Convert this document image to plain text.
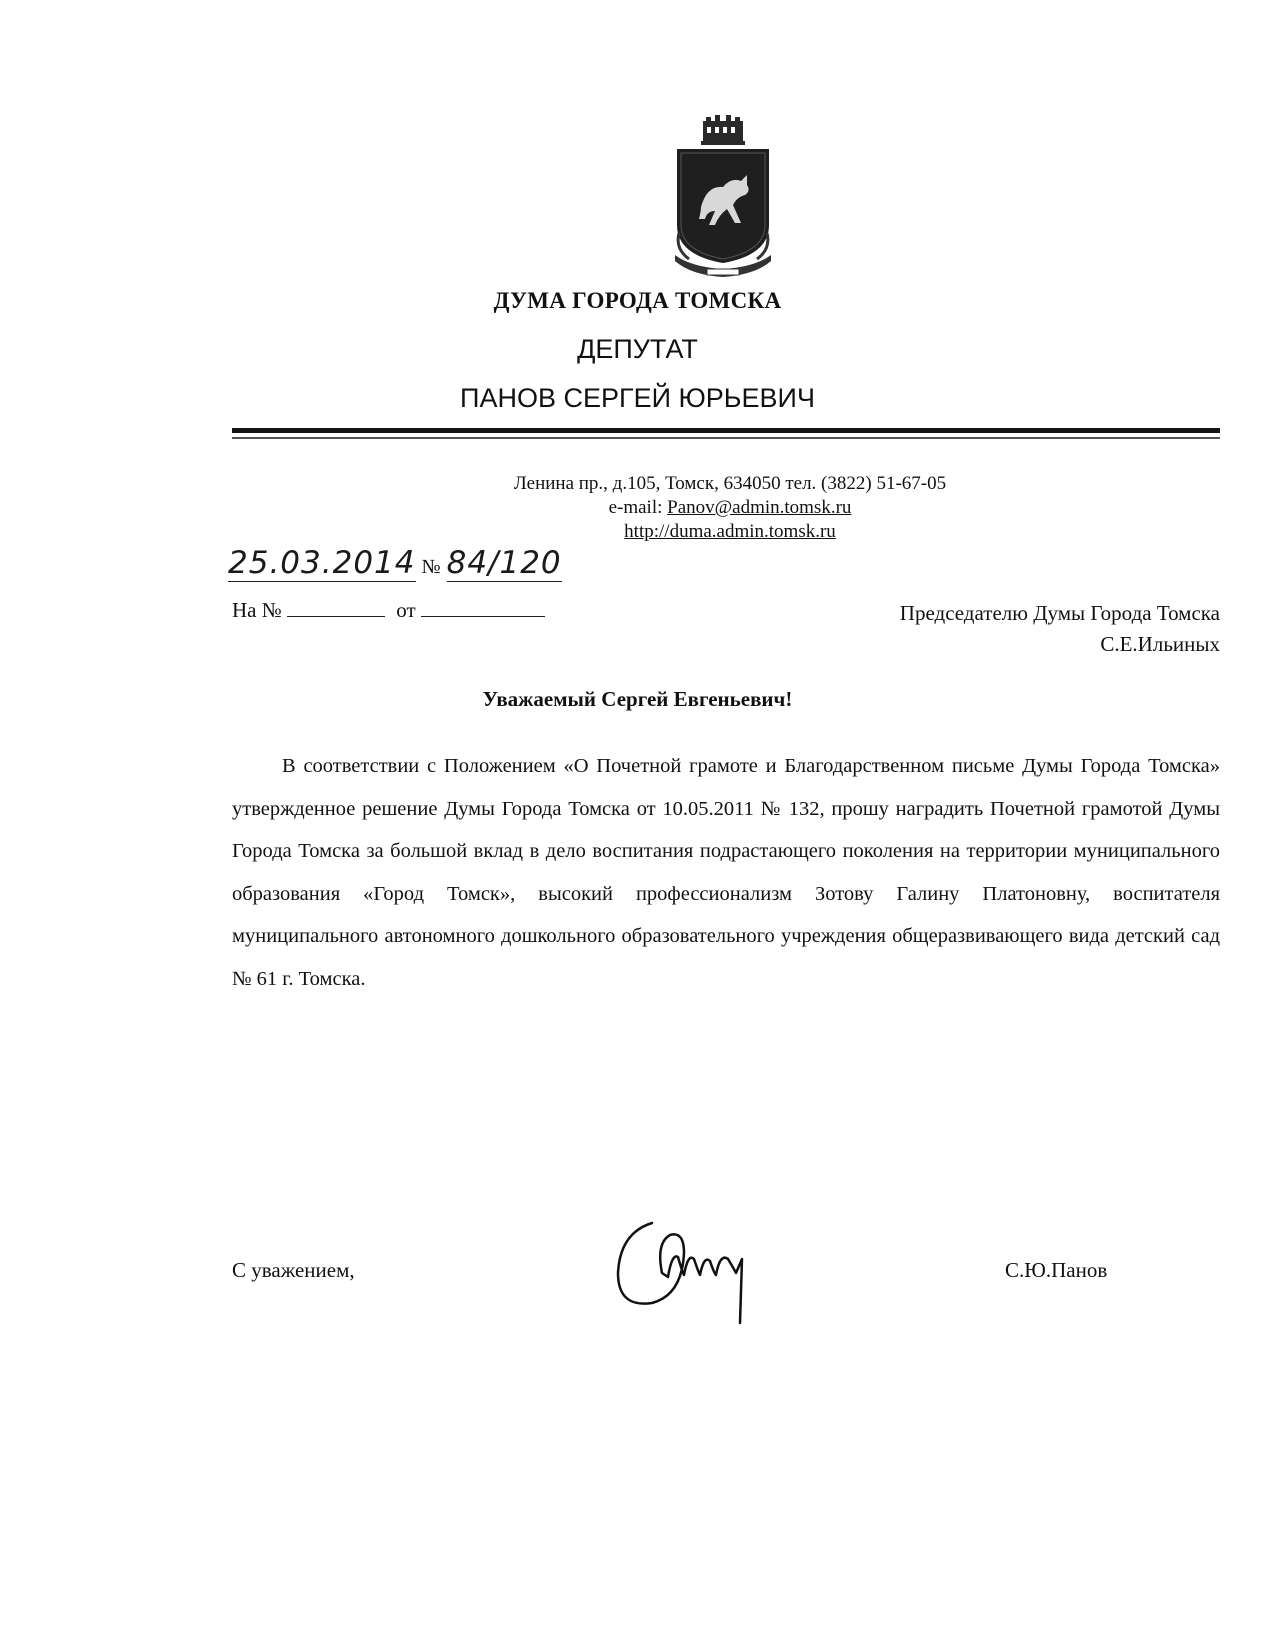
ДУМА ГОРОДА ТОМСКА
ДЕПУТАТ
ПАНОВ СЕРГЕЙ ЮРЬЕВИЧ
Ленина пр., д.105, Томск, 634050 тел. (3822) 51-67-05
e-mail: Panov@admin.tomsk.ru
http://duma.admin.tomsk.ru
25.03.2014 № 84/120
На №	от	Председателю Думы Города Томска
С.Е.Ильиных
Уважаемый Сергей Евгеньевич!
В соответствии с Положением «О Почетной грамоте и Благодарственном письме Думы Города Томска» утвержденное решение Думы Города Томска от 10.05.2011 № 132, прошу наградить Почетной грамотой Думы Города Томска за большой вклад в дело воспитания подрастающего поколения на территории муниципального образования «Город Томск», высокий профессионализм Зотову Галину Платоновну, воспитателя муниципального автономного дошкольного образовательного учреждения общеразвивающего вида детский сад № 61 г. Томска.
С уважением,	С.Ю.Панов
